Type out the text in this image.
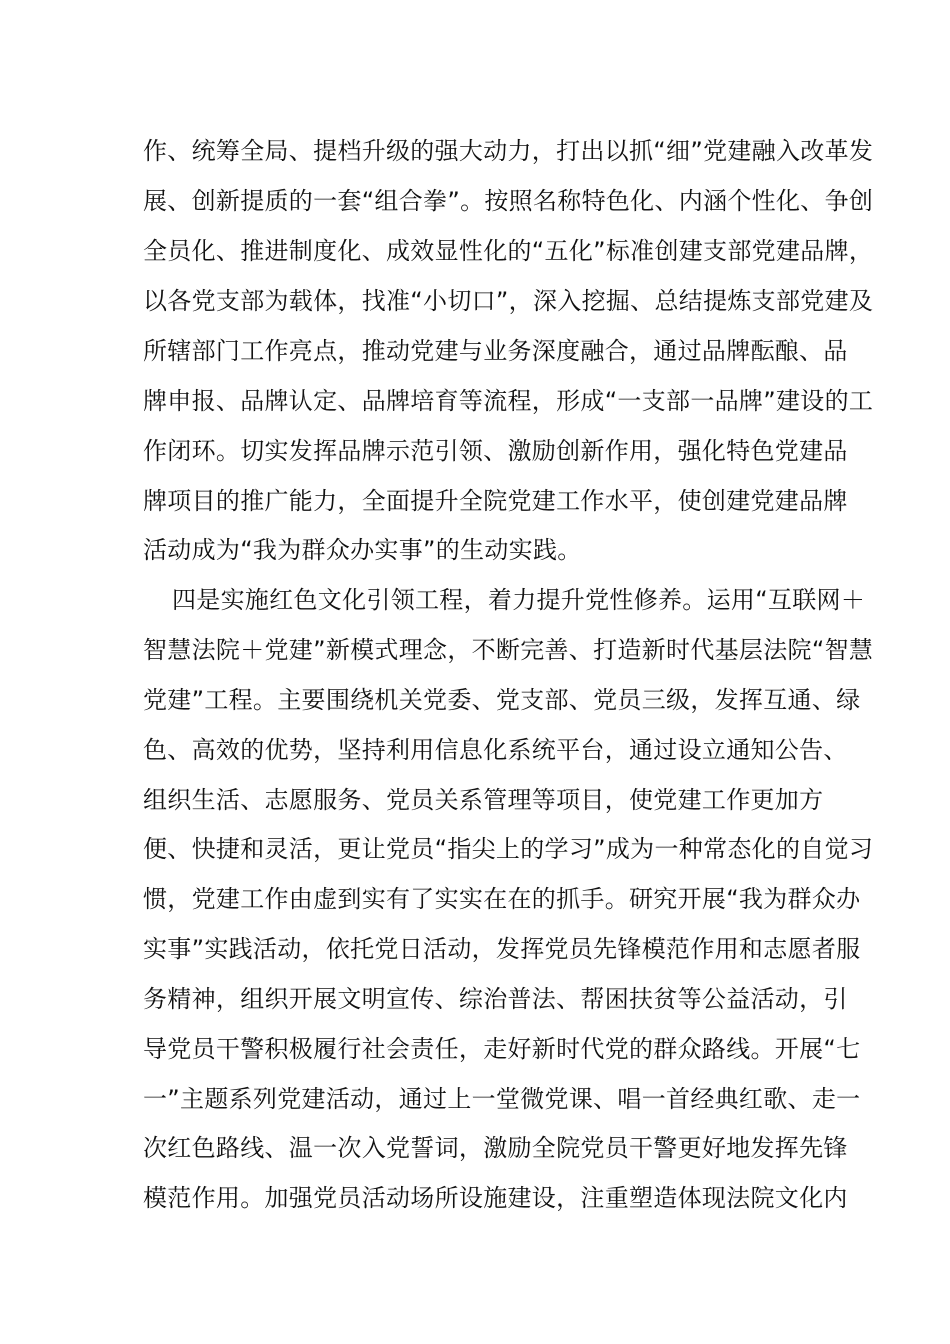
作、统筹全局、提档升级的强大动力，打出以抓“细”党建融入改革发
展、创新提质的一套“组合拳”。按照名称特色化、内涵个性化、争创
全员化、推进制度化、成效显性化的“五化”标准创建支部党建品牌，
以各党支部为载体，找准“小切口”，深入挖掘、总结提炼支部党建及
所辖部门工作亮点，推动党建与业务深度融合，通过品牌酝酿、品
牌申报、品牌认定、品牌培育等流程，形成“一支部一品牌”建设的工
作闭环。切实发挥品牌示范引领、激励创新作用，强化特色党建品
牌项目的推广能力，全面提升全院党建工作水平，使创建党建品牌
活动成为“我为群众办实事”的生动实践。
四是实施红色文化引领工程，着力提升党性修养。运用“互联网＋
智慧法院＋党建”新模式理念，不断完善、打造新时代基层法院“智慧
党建”工程。主要围绕机关党委、党支部、党员三级，发挥互通、绿
色、高效的优势，坚持利用信息化系统平台，通过设立通知公告、
组织生活、志愿服务、党员关系管理等项目，使党建工作更加方
便、快捷和灵活，更让党员“指尖上的学习”成为一种常态化的自觉习
惯，党建工作由虚到实有了实实在在的抓手。研究开展“我为群众办
实事”实践活动，依托党日活动，发挥党员先锋模范作用和志愿者服
务精神，组织开展文明宣传、综治普法、帮困扶贫等公益活动，引
导党员干警积极履行社会责任，走好新时代党的群众路线。开展“七
一”主题系列党建活动，通过上一堂微党课、唱一首经典红歌、走一
次红色路线、温一次入党誓词，激励全院党员干警更好地发挥先锋
模范作用。加强党员活动场所设施建设，注重塑造体现法院文化内
